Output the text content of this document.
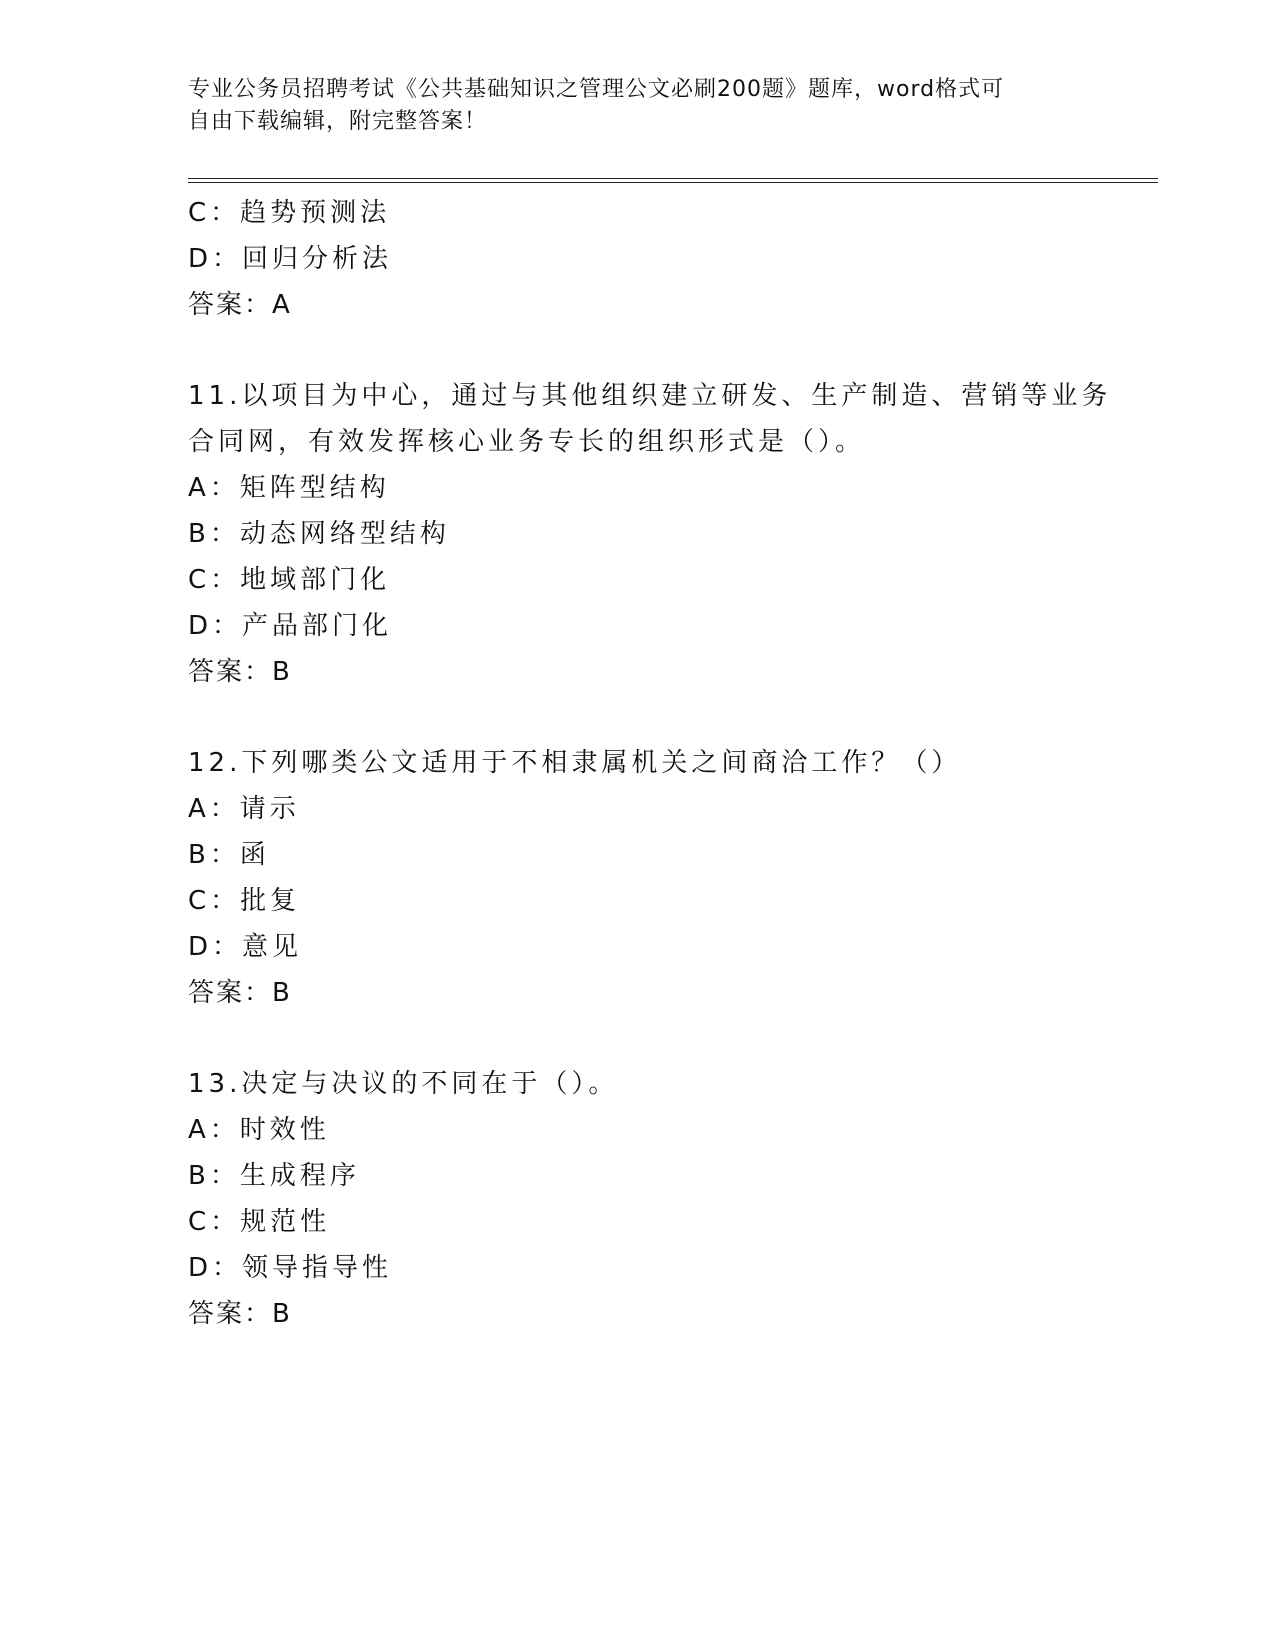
专业公务员招聘考试《公共基础知识之管理公文必刷200题》题库，word格式可
自由下载编辑，附完整答案！
C：趋势预测法
D：回归分析法
答案：A
11.以项目为中心，通过与其他组织建立研发、生产制造、营销等业务
合同网，有效发挥核心业务专长的组织形式是（）。
A：矩阵型结构
B：动态网络型结构
C：地域部门化
D：产品部门化
答案：B
12.下列哪类公文适用于不相隶属机关之间商洽工作？（）
A：请示
B：函
C：批复
D：意见
答案：B
13.决定与决议的不同在于（）。
A：时效性
B：生成程序
C：规范性
D：领导指导性
答案：B
